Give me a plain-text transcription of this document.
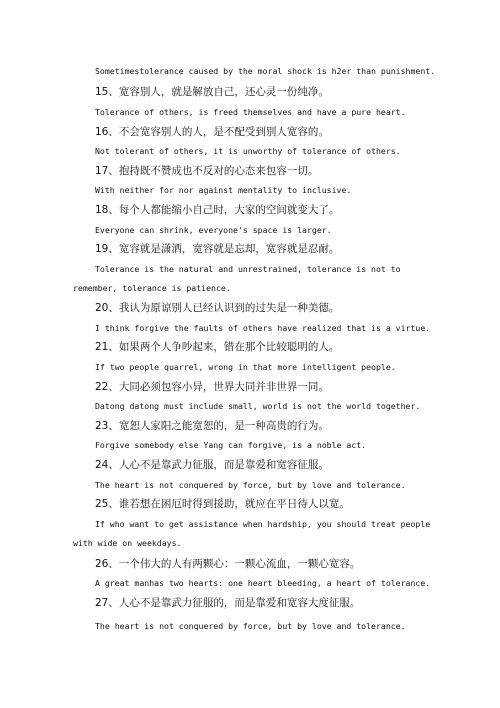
Sometimestolerance caused by the moral shock is h2er than punishment.
15、宽容别人，就是解放自己，还心灵一份纯净。
Tolerance of others, is freed themselves and have a pure heart.
16、不会宽容别人的人，是不配受到别人宽容的。
Not tolerant of others, it is unworthy of tolerance of others.
17、抱持既不赞成也不反对的心态来包容一切。
With neither for nor against mentality to inclusive.
18、每个人都能缩小自己时，大家的空间就变大了。
Everyone can shrink, everyone's space is larger.
19、宽容就是潇洒，宽容就是忘却，宽容就是忍耐。
Tolerance is the natural and unrestrained, tolerance is not to
remember, tolerance is patience.
20、我认为原谅别人已经认识到的过失是一种美德。
I think forgive the faults of others have realized that is a virtue.
21、如果两个人争吵起来，错在那个比较聪明的人。
If two people quarrel, wrong in that more intelligent people.
22、大同必须包容小异，世界大同并非世界一同。
Datong datong must include small, world is not the world together.
23、宽恕人家阳之能宽恕的，是一种高贵的行为。
Forgive somebody else Yang can forgive, is a noble act.
24、人心不是靠武力征服，而是靠爱和宽容征服。
The heart is not conquered by force, but by love and tolerance.
25、谁若想在困厄时得到援助，就应在平日待人以宽。
If who want to get assistance when hardship, you should treat people
with wide on weekdays.
26、一个伟大的人有两颗心：一颗心流血，一颗心宽容。
A great manhas two hearts: one heart bleeding, a heart of tolerance.
27、人心不是靠武力征服的，而是靠爱和宽容大度征服。
The heart is not conquered by force, but by love and tolerance.
